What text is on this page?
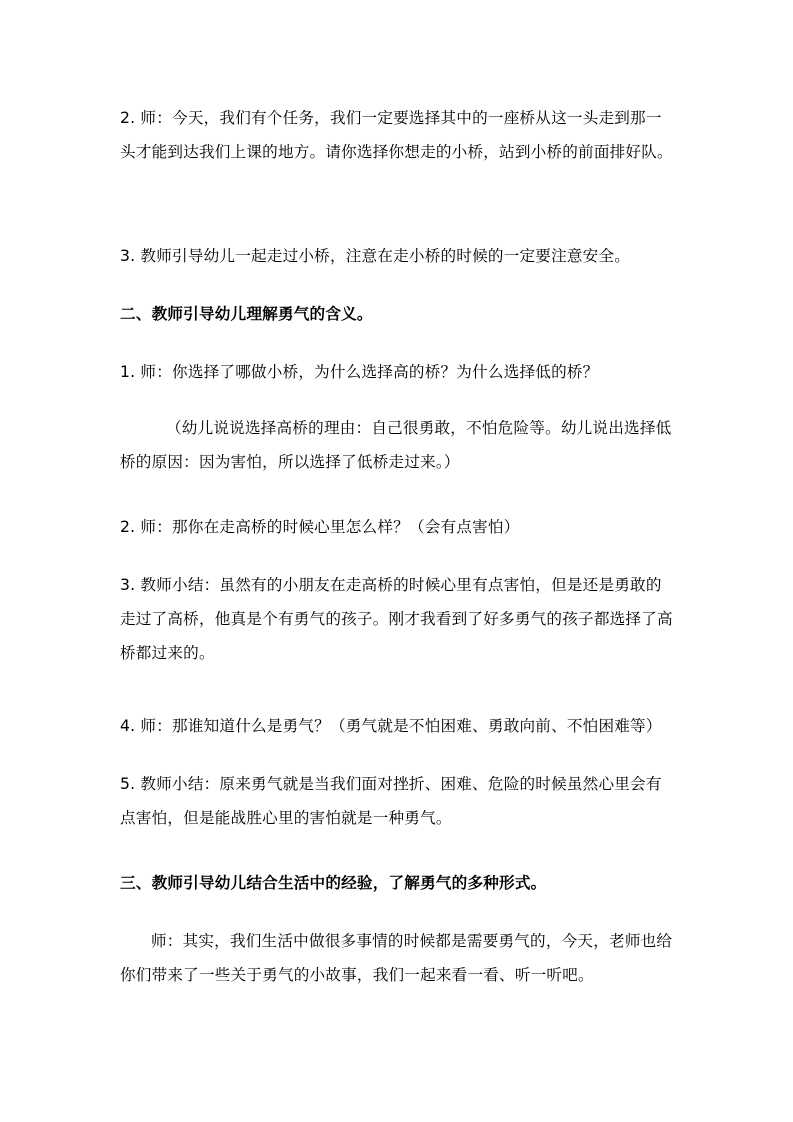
2. 师：今天，我们有个任务，我们一定要选择其中的一座桥从这一头走到那一头才能到达我们上课的地方。请你选择你想走的小桥，站到小桥的前面排好队。

3. 教师引导幼儿一起走过小桥，注意在走小桥的时候的一定要注意安全。

二、教师引导幼儿理解勇气的含义。

1. 师：你选择了哪做小桥，为什么选择高的桥？为什么选择低的桥？

（幼儿说说选择高桥的理由：自己很勇敢，不怕危险等。幼儿说出选择低桥的原因：因为害怕，所以选择了低桥走过来。）

2. 师：那你在走高桥的时候心里怎么样？（会有点害怕）

3. 教师小结：虽然有的小朋友在走高桥的时候心里有点害怕，但是还是勇敢的走过了高桥，他真是个有勇气的孩子。刚才我看到了好多勇气的孩子都选择了高桥都过来的。

4. 师：那谁知道什么是勇气？（勇气就是不怕困难、勇敢向前、不怕困难等）

5. 教师小结：原来勇气就是当我们面对挫折、困难、危险的时候虽然心里会有点害怕，但是能战胜心里的害怕就是一种勇气。

三、教师引导幼儿结合生活中的经验，了解勇气的多种形式。

师：其实，我们生活中做很多事情的时候都是需要勇气的，今天，老师也给你们带来了一些关于勇气的小故事，我们一起来看一看、听一听吧。
